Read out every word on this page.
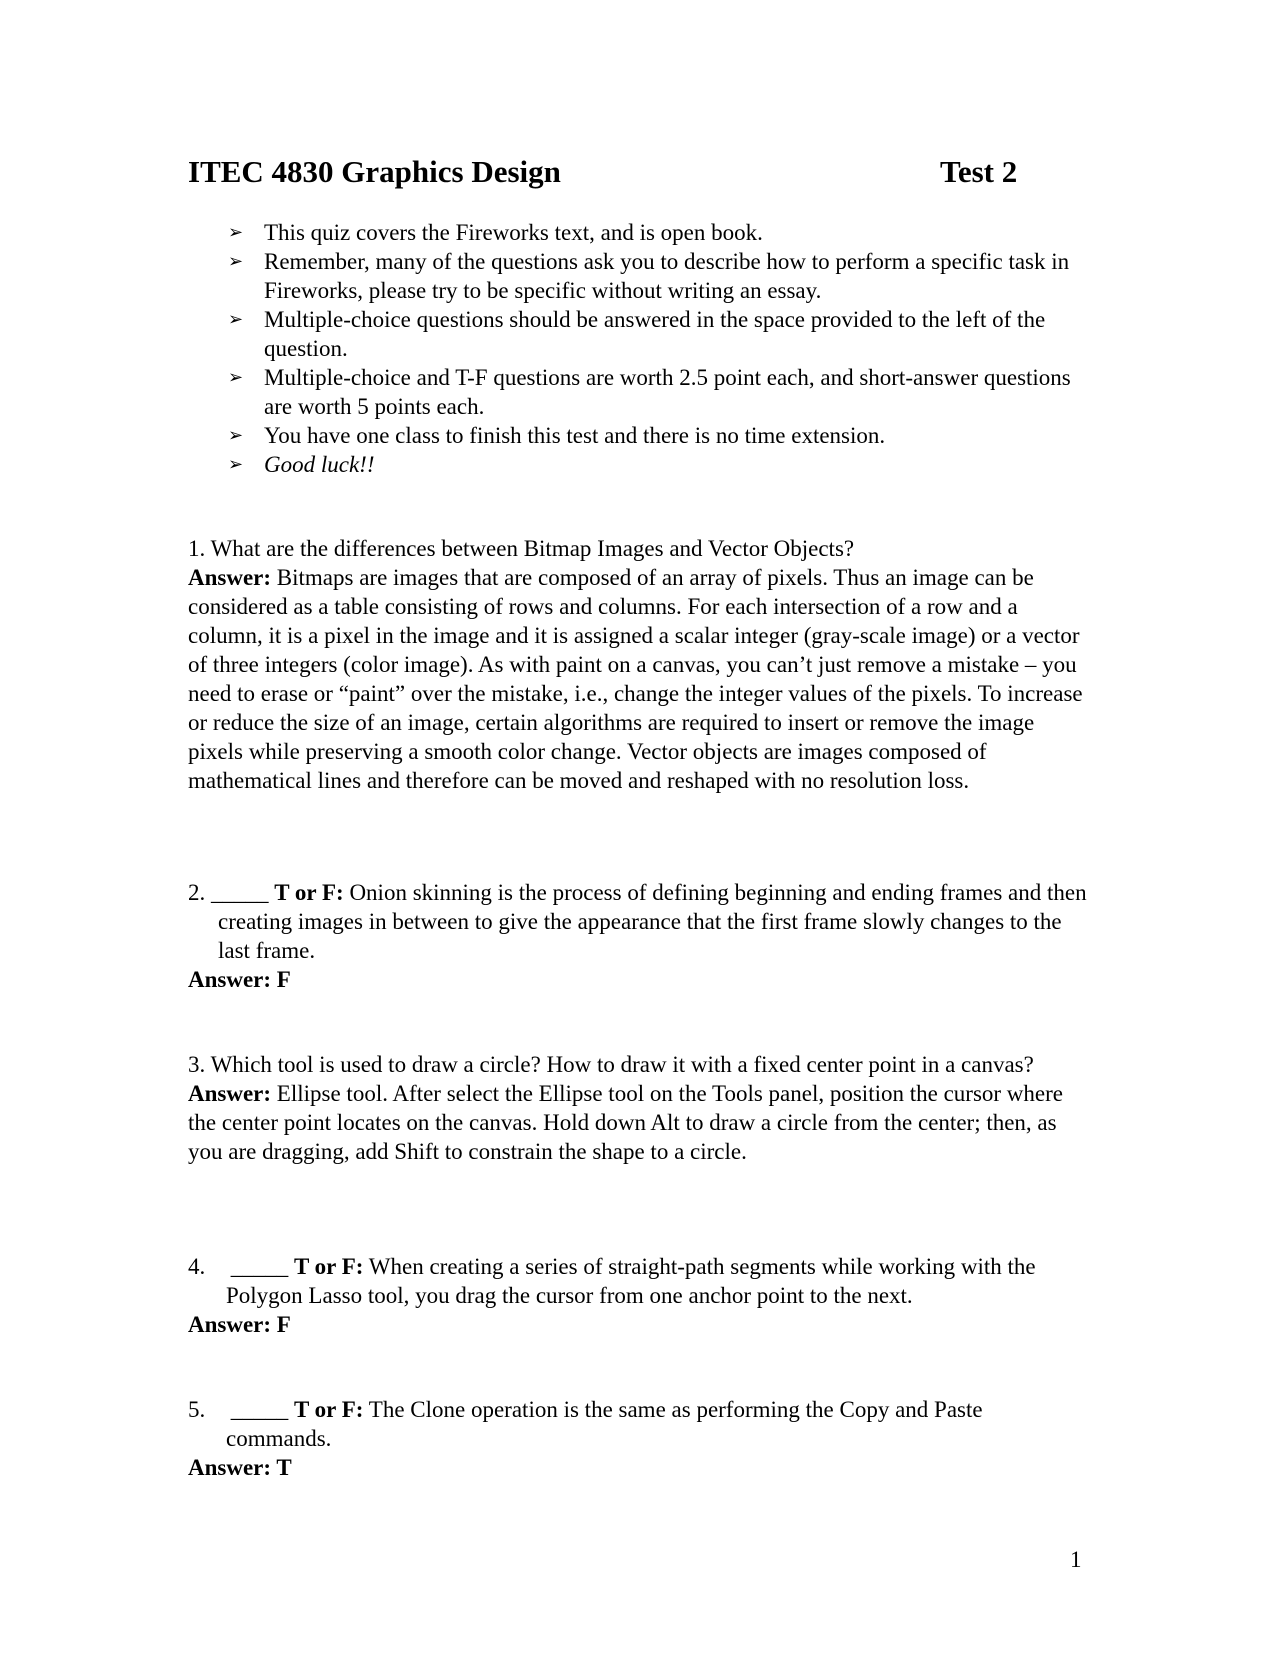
ITEC 4830 Graphics Design	Test 2
➢ This quiz covers the Fireworks text, and is open book.
➢ Remember, many of the questions ask you to describe how to perform a specific task in Fireworks, please try to be specific without writing an essay.
➢ Multiple-choice questions should be answered in the space provided to the left of the question.
➢ Multiple-choice and T-F questions are worth 2.5 point each, and short-answer questions are worth 5 points each.
➢ You have one class to finish this test and there is no time extension.
➢ Good luck!!

1. What are the differences between Bitmap Images and Vector Objects?

Answer: Bitmaps are images that are composed of an array of pixels. Thus an image can be considered as a table consisting of rows and columns. For each intersection of a row and a column, it is a pixel in the image and it is assigned a scalar integer (gray-scale image) or a vector of three integers (color image). As with paint on a canvas, you can’t just remove a mistake – you need to erase or “paint” over the mistake, i.e., change the integer values of the pixels. To increase or reduce the size of an image, certain algorithms are required to insert or remove the image pixels while preserving a smooth color change. Vector objects are images composed of mathematical lines and therefore can be moved and reshaped with no resolution loss.

2. _____ T or F: Onion skinning is the process of defining beginning and ending frames and then creating images in between to give the appearance that the first frame slowly changes to the last frame.

Answer: F

3. Which tool is used to draw a circle? How to draw it with a fixed center point in a canvas?

Answer: Ellipse tool. After select the Ellipse tool on the Tools panel, position the cursor where the center point locates on the canvas. Hold down Alt to draw a circle from the center; then, as you are dragging, add Shift to constrain the shape to a circle.

4. _____ T or F: When creating a series of straight-path segments while working with the Polygon Lasso tool, you drag the cursor from one anchor point to the next.

Answer: F

5. _____ T or F: The Clone operation is the same as performing the Copy and Paste commands.

Answer: T

1
